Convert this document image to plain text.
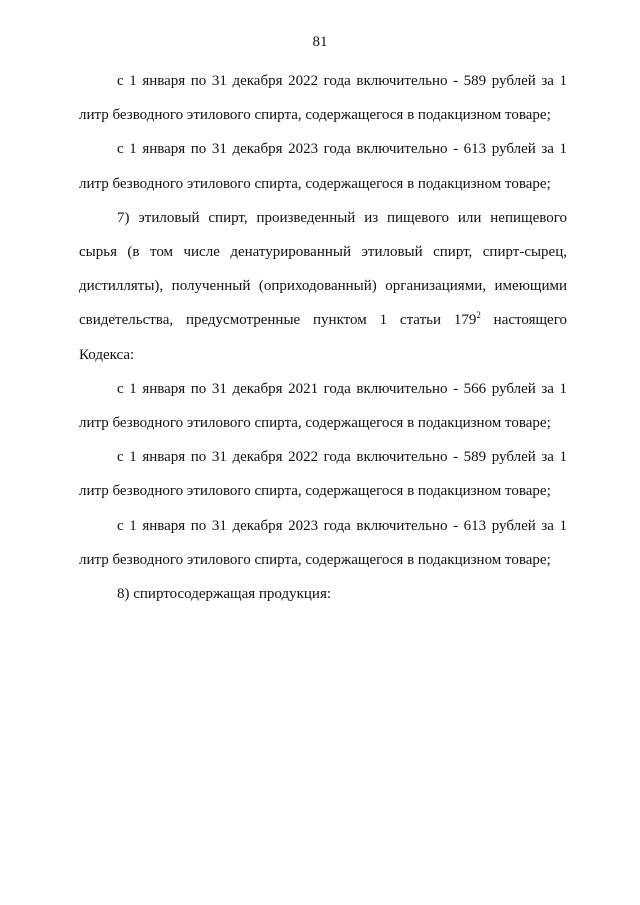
81

с 1 января по 31 декабря 2022 года включительно - 589 рублей за 1 литр безводного этилового спирта, содержащегося в подакцизном товаре;

с 1 января по 31 декабря 2023 года включительно - 613 рублей за 1 литр безводного этилового спирта, содержащегося в подакцизном товаре;

7) этиловый спирт, произведенный из пищевого или непищевого сырья (в том числе денатурированный этиловый спирт, спирт-сырец, дистилляты), полученный (оприходованный) организациями, имеющими свидетельства, предусмотренные пунктом 1 статьи $179^2$ настоящего Кодекса:

с 1 января по 31 декабря 2021 года включительно - 566 рублей за 1 литр безводного этилового спирта, содержащегося в подакцизном товаре;

с 1 января по 31 декабря 2022 года включительно - 589 рублей за 1 литр безводного этилового спирта, содержащегося в подакцизном товаре;

с 1 января по 31 декабря 2023 года включительно - 613 рублей за 1 литр безводного этилового спирта, содержащегося в подакцизном товаре;

8) спиртосодержащая продукция:
